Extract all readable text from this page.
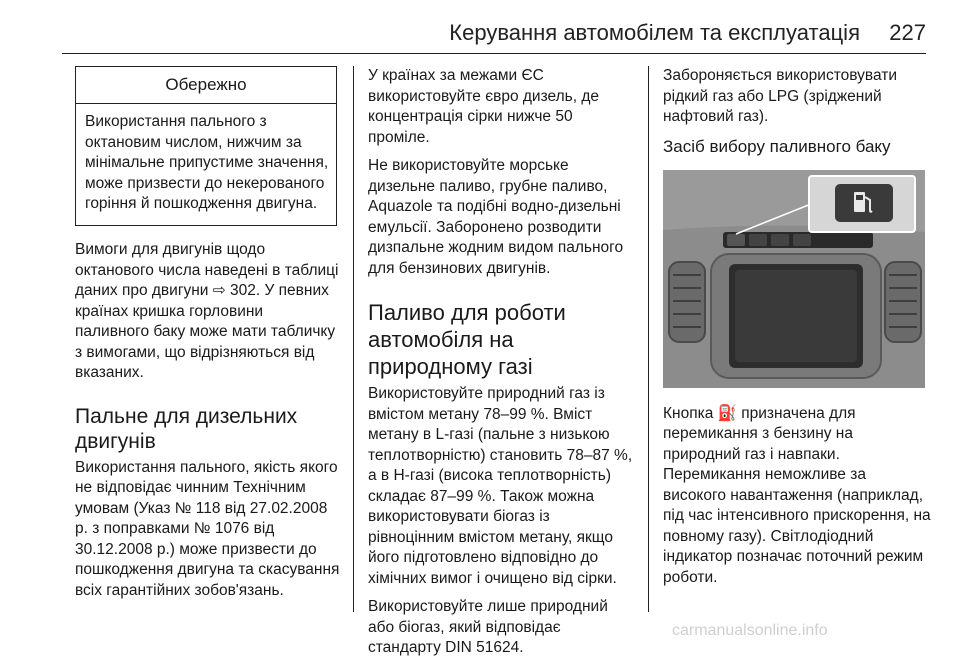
Керування автомобілем та експлуатація	227
Обережно
Використання пального з октановим числом, нижчим за мінімальне припустиме значення, може призвести до некерованого горіння й пошкодження двигуна.

Вимоги для двигунів щодо октанового числа наведені в таблиці даних про двигуни ⇨ 302. У певних країнах кришка горловини паливного баку може мати табличку з вимогами, що відрізняються від вказаних.

Пальне для дизельних двигунів

Використання пального, якість якого не відповідає чинним Технічним умовам (Указ № 118 від 27.02.2008 р. з поправками № 1076 від 30.12.2008 р.) може призвести до пошкодження двигуна та скасування всіх гарантійних зобов'язань.

У країнах за межами ЄС використовуйте євро дизель, де концентрація сірки нижче 50 проміле.

Не використовуйте морське дизельне паливо, грубне паливо, Aquazole та подібні водно-дизельні емульсії. Заборонено розводити дизпальне жодним видом пального для бензинових двигунів.

Паливо для роботи автомобіля на природному газі

Використовуйте природний газ із вмістом метану 78–99 %. Вміст метану в L-газі (пальне з низькою теплотворністю) становить 78–87 %, а в H-газі (висока теплотворність) складає 87–99 %. Також можна використовувати біогаз із рівноцінним вмістом метану, якщо його підготовлено відповідно до хімічних вимог і очищено від сірки.

Використовуйте лише природний або біогаз, який відповідає стандарту DIN 51624.

Забороняється використовувати рідкий газ або LPG (зріджений нафтовий газ).

Засіб вибору паливного баку

Кнопка ⛽ призначена для перемикання з бензину на природний газ і навпаки. Перемикання неможливе за високого навантаження (наприклад, під час інтенсивного прискорення, на повному газу). Світлодіодний індикатор позначає поточний режим роботи.

carmanualsonline.info
